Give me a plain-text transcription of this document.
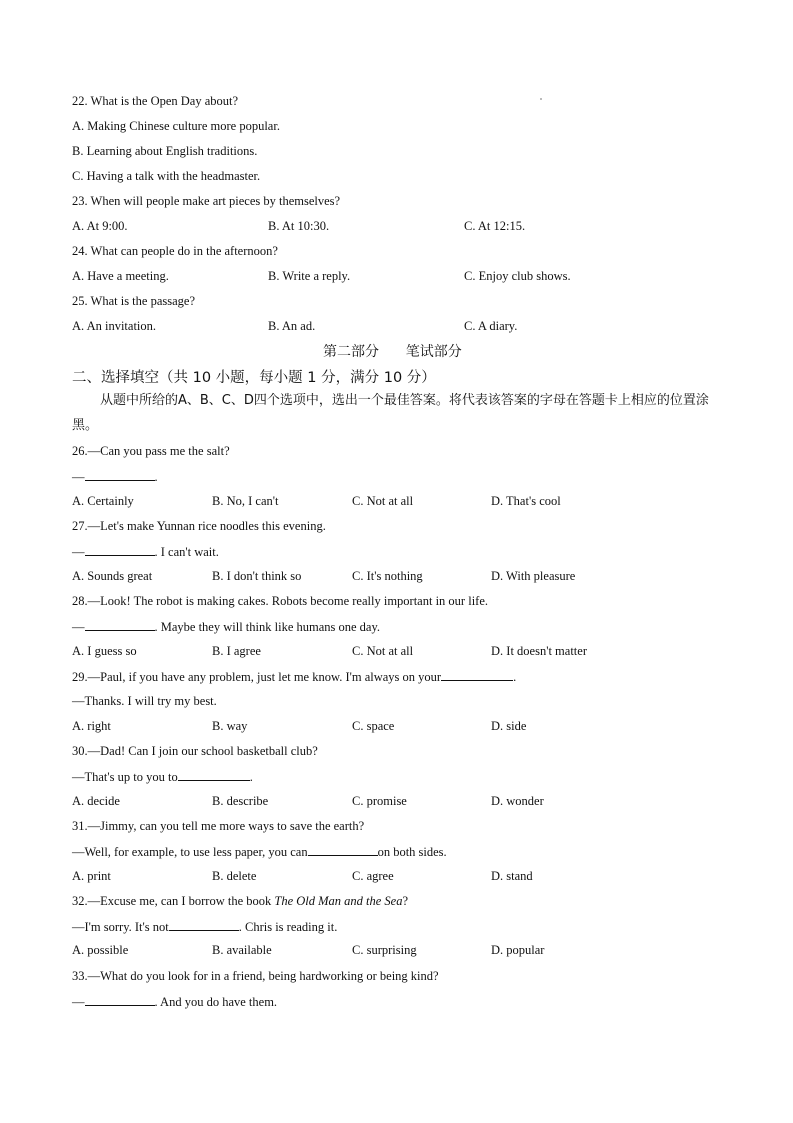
22. What is the Open Day about?
A. Making Chinese culture more popular.
B. Learning about English traditions.
C. Having a talk with the headmaster.
23. When will people make art pieces by themselves?
A. At 9:00.	B. At 10:30.	C. At 12:15.
24. What can people do in the afternoon?
A. Have a meeting.	B. Write a reply.	C. Enjoy club shows.
25. What is the passage?
A. An invitation.	B. An ad.	C. A diary.
第二部分      笔试部分
二、选择填空（共 10 小题，每小题 1 分，满分 10 分）
从题中所给的A、B、C、D四个选项中，选出一个最佳答案。将代表该答案的字母在答题卡上相应的位置涂黑。
26.—Can you pass me the salt?
—	.
A. Certainly	B. No, I can't	C. Not at all	D. That's cool
27.—Let's make Yunnan rice noodles this evening.
—	. I can't wait.
A. Sounds great	B. I don't think so	C. It's nothing	D. With pleasure
28.—Look! The robot is making cakes. Robots become really important in our life.
—	. Maybe they will think like humans one day.
A. I guess so	B. I agree	C. Not at all	D. It doesn't matter
29.—Paul, if you have any problem, just let me know. I'm always on your	.
—Thanks. I will try my best.
A. right	B. way	C. space	D. side
30.—Dad! Can I join our school basketball club?
—That's up to you to	.
A. decide	B. describe	C. promise	D. wonder
31.—Jimmy, can you tell me more ways to save the earth?
—Well, for example, to use less paper, you can	on both sides.
A. print	B. delete	C. agree	D. stand
32.—Excuse me, can I borrow the book The Old Man and the Sea?
—I'm sorry. It's not	. Chris is reading it.
A. possible	B. available	C. surprising	D. popular
33.—What do you look for in a friend, being hardworking or being kind?
—	. And you do have them.
